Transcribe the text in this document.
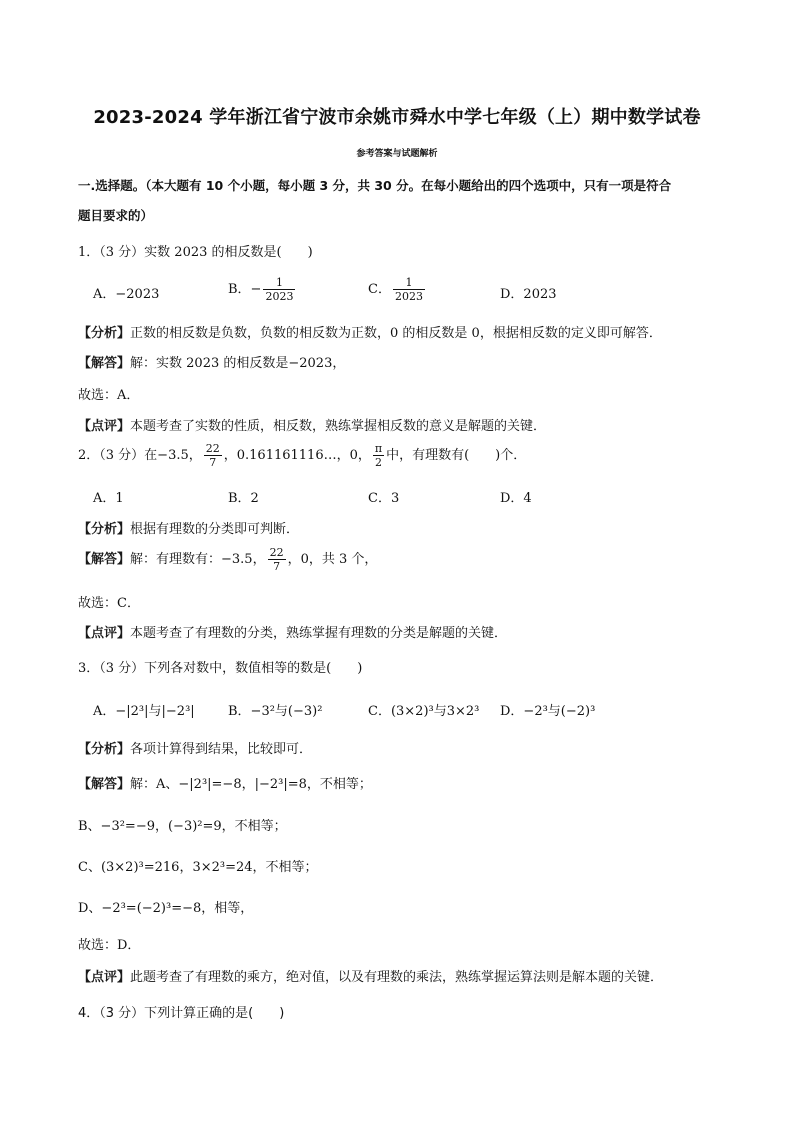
2023-2024 学年浙江省宁波市余姚市舜水中学七年级（上）期中数学试卷
参考答案与试题解析
一.选择题。（本大题有 10 个小题，每小题 3 分，共 30 分。在每小题给出的四个选项中，只有一项是符合
题目要求的）
1．（3 分）实数 2023 的相反数是(　　)
A．−2023	B．− $\frac{1}{2023}$	C． $\frac{1}{2023}$	D．2023
【分析】正数的相反数是负数，负数的相反数为正数，0 的相反数是 0，根据相反数的定义即可解答．
【解答】解：实数 2023 的相反数是−2023，
故选：A．
【点评】本题考查了实数的性质，相反数，熟练掌握相反数的意义是解题的关键．
2．（3 分）在−3.5， $\frac{22}{7}$ ，0.161161116…，0， $\frac{\pi}{2}$ 中，有理数有(　　)个．
A．1	B．2	C．3	D．4
【分析】根据有理数的分类即可判断．
【解答】解：有理数有：−3.5， $\frac{22}{7}$ ，0，共 3 个，
故选：C．
【点评】本题考查了有理数的分类，熟练掌握有理数的分类是解题的关键．
3．（3 分）下列各对数中，数值相等的数是(　　)
A．−|2³|与|−2³|	B．−3²与(−3)²	C．(3×2)³与3×2³ D．−2³与(−2)³
【分析】各项计算得到结果，比较即可．
【解答】解：A、−|2³|=−8，|−2³|=8，不相等；
B、−3²=−9，(−3)²=9，不相等；
C、(3×2)³=216，3×2³=24，不相等；
D、−2³=(−2)³=−8，相等，
故选：D．
【点评】此题考查了有理数的乘方，绝对值，以及有理数的乘法，熟练掌握运算法则是解本题的关键．
4．（3 分）下列计算正确的是(　　)
